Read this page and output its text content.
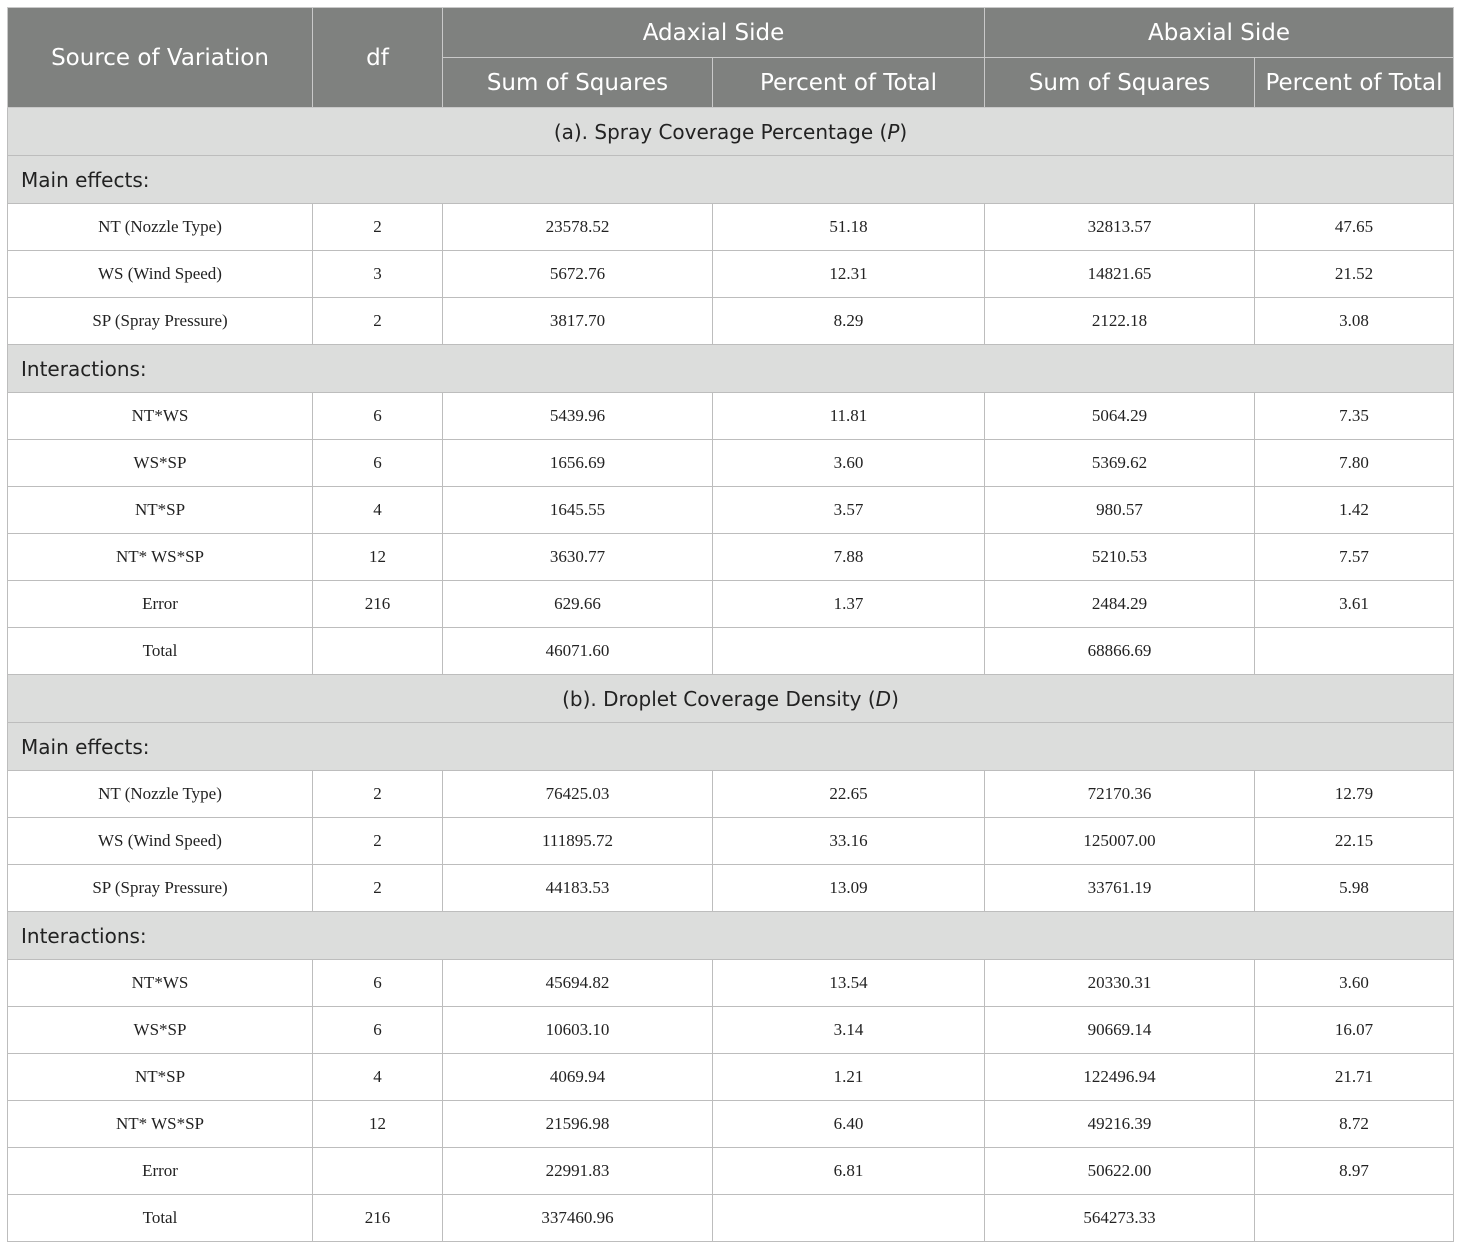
Source of Variation	df	Adaxial Side		Abaxial Side	
		Sum of Squares	Percent of Total	Sum of Squares	Percent of Total
(a). Spray Coverage Percentage (P)					
Main effects:					
NT (Nozzle Type)	2	23578.52	51.18	32813.57	47.65
WS (Wind Speed)	3	5672.76	12.31	14821.65	21.52
SP (Spray Pressure)	2	3817.70	8.29	2122.18	3.08
Interactions:					
NT*WS	6	5439.96	11.81	5064.29	7.35
WS*SP	6	1656.69	3.60	5369.62	7.80
NT*SP	4	1645.55	3.57	980.57	1.42
NT* WS*SP	12	3630.77	7.88	5210.53	7.57
Error	216	629.66	1.37	2484.29	3.61
Total		46071.60		68866.69	
(b). Droplet Coverage Density (D)					
Main effects:					
NT (Nozzle Type)	2	76425.03	22.65	72170.36	12.79
WS (Wind Speed)	2	111895.72	33.16	125007.00	22.15
SP (Spray Pressure)	2	44183.53	13.09	33761.19	5.98
Interactions:					
NT*WS	6	45694.82	13.54	20330.31	3.60
WS*SP	6	10603.10	3.14	90669.14	16.07
NT*SP	4	4069.94	1.21	122496.94	21.71
NT* WS*SP	12	21596.98	6.40	49216.39	8.72
Error		22991.83	6.81	50622.00	8.97
Total	216	337460.96		564273.33	
